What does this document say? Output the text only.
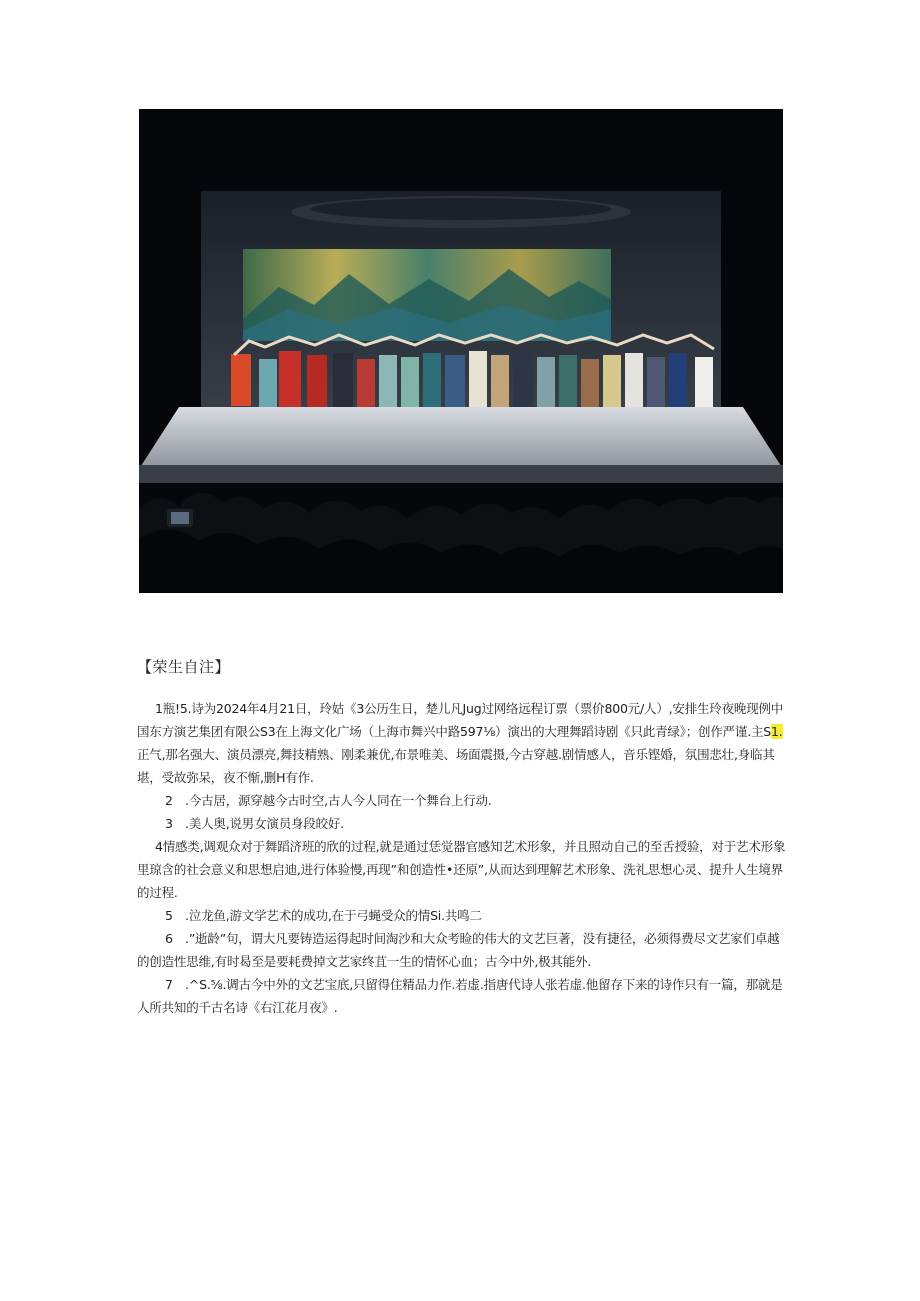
【荣生自注】

1瓶!5.诗为2024年4月21日，玲姑《3公历生日，楚儿凡Jug过网络远程订票（票价800元/人）,安排生玲夜晚现例中国东方演艺集团有限公S3在上海文化广场（上海市舞兴中路597⅛）演出的大理舞蹈诗剧《只此青绿》；创作严谨.主S1.正气,那名强大、演员漂亮,舞技精熟、刚柔兼优,布景唯美、场面震摄,今古穿越.剧情感人，音乐铿婚，氛围悲壮,身临其堪，受故弥呆，夜不惭,删H有作.

2　.今古居，源穿越今古时空,古人今人同在一个舞台上行动.

3　.美人奥,说男女演员身段皎好.

4情感类,调观众对于舞蹈济班的欣的过程,就是通过恁觉器官感知艺术形象，并且照动自己的至舌授验，对于艺术形象里琼含的社会意义和思想启迪,进行体验慢,再现”和创造性•还原”,从而达到理解艺术形象、洗礼思想心灵、提升人生境界的过程.

5　.泣龙鱼,游文学艺术的成功,在于弓蝇受众的情Si.共鸣二

6　.”逝龄”句，谓大凡要铸造运得起时间淘沙和大众考睑的伟大的文艺巨著，没有捷径，必须得费尽文艺家们卓越的创造性思维,有时曷至是要耗费掉文艺家终苴一生的情怀心血；古今中外,极其能外.

7　.^S.⅝.调古今中外的文艺宝底,只留得住精品力作.若虚.指唐代诗人张若虚.他留存下来的诗作只有一篇，那就是人所共知的千古名诗《右江花月夜》.
